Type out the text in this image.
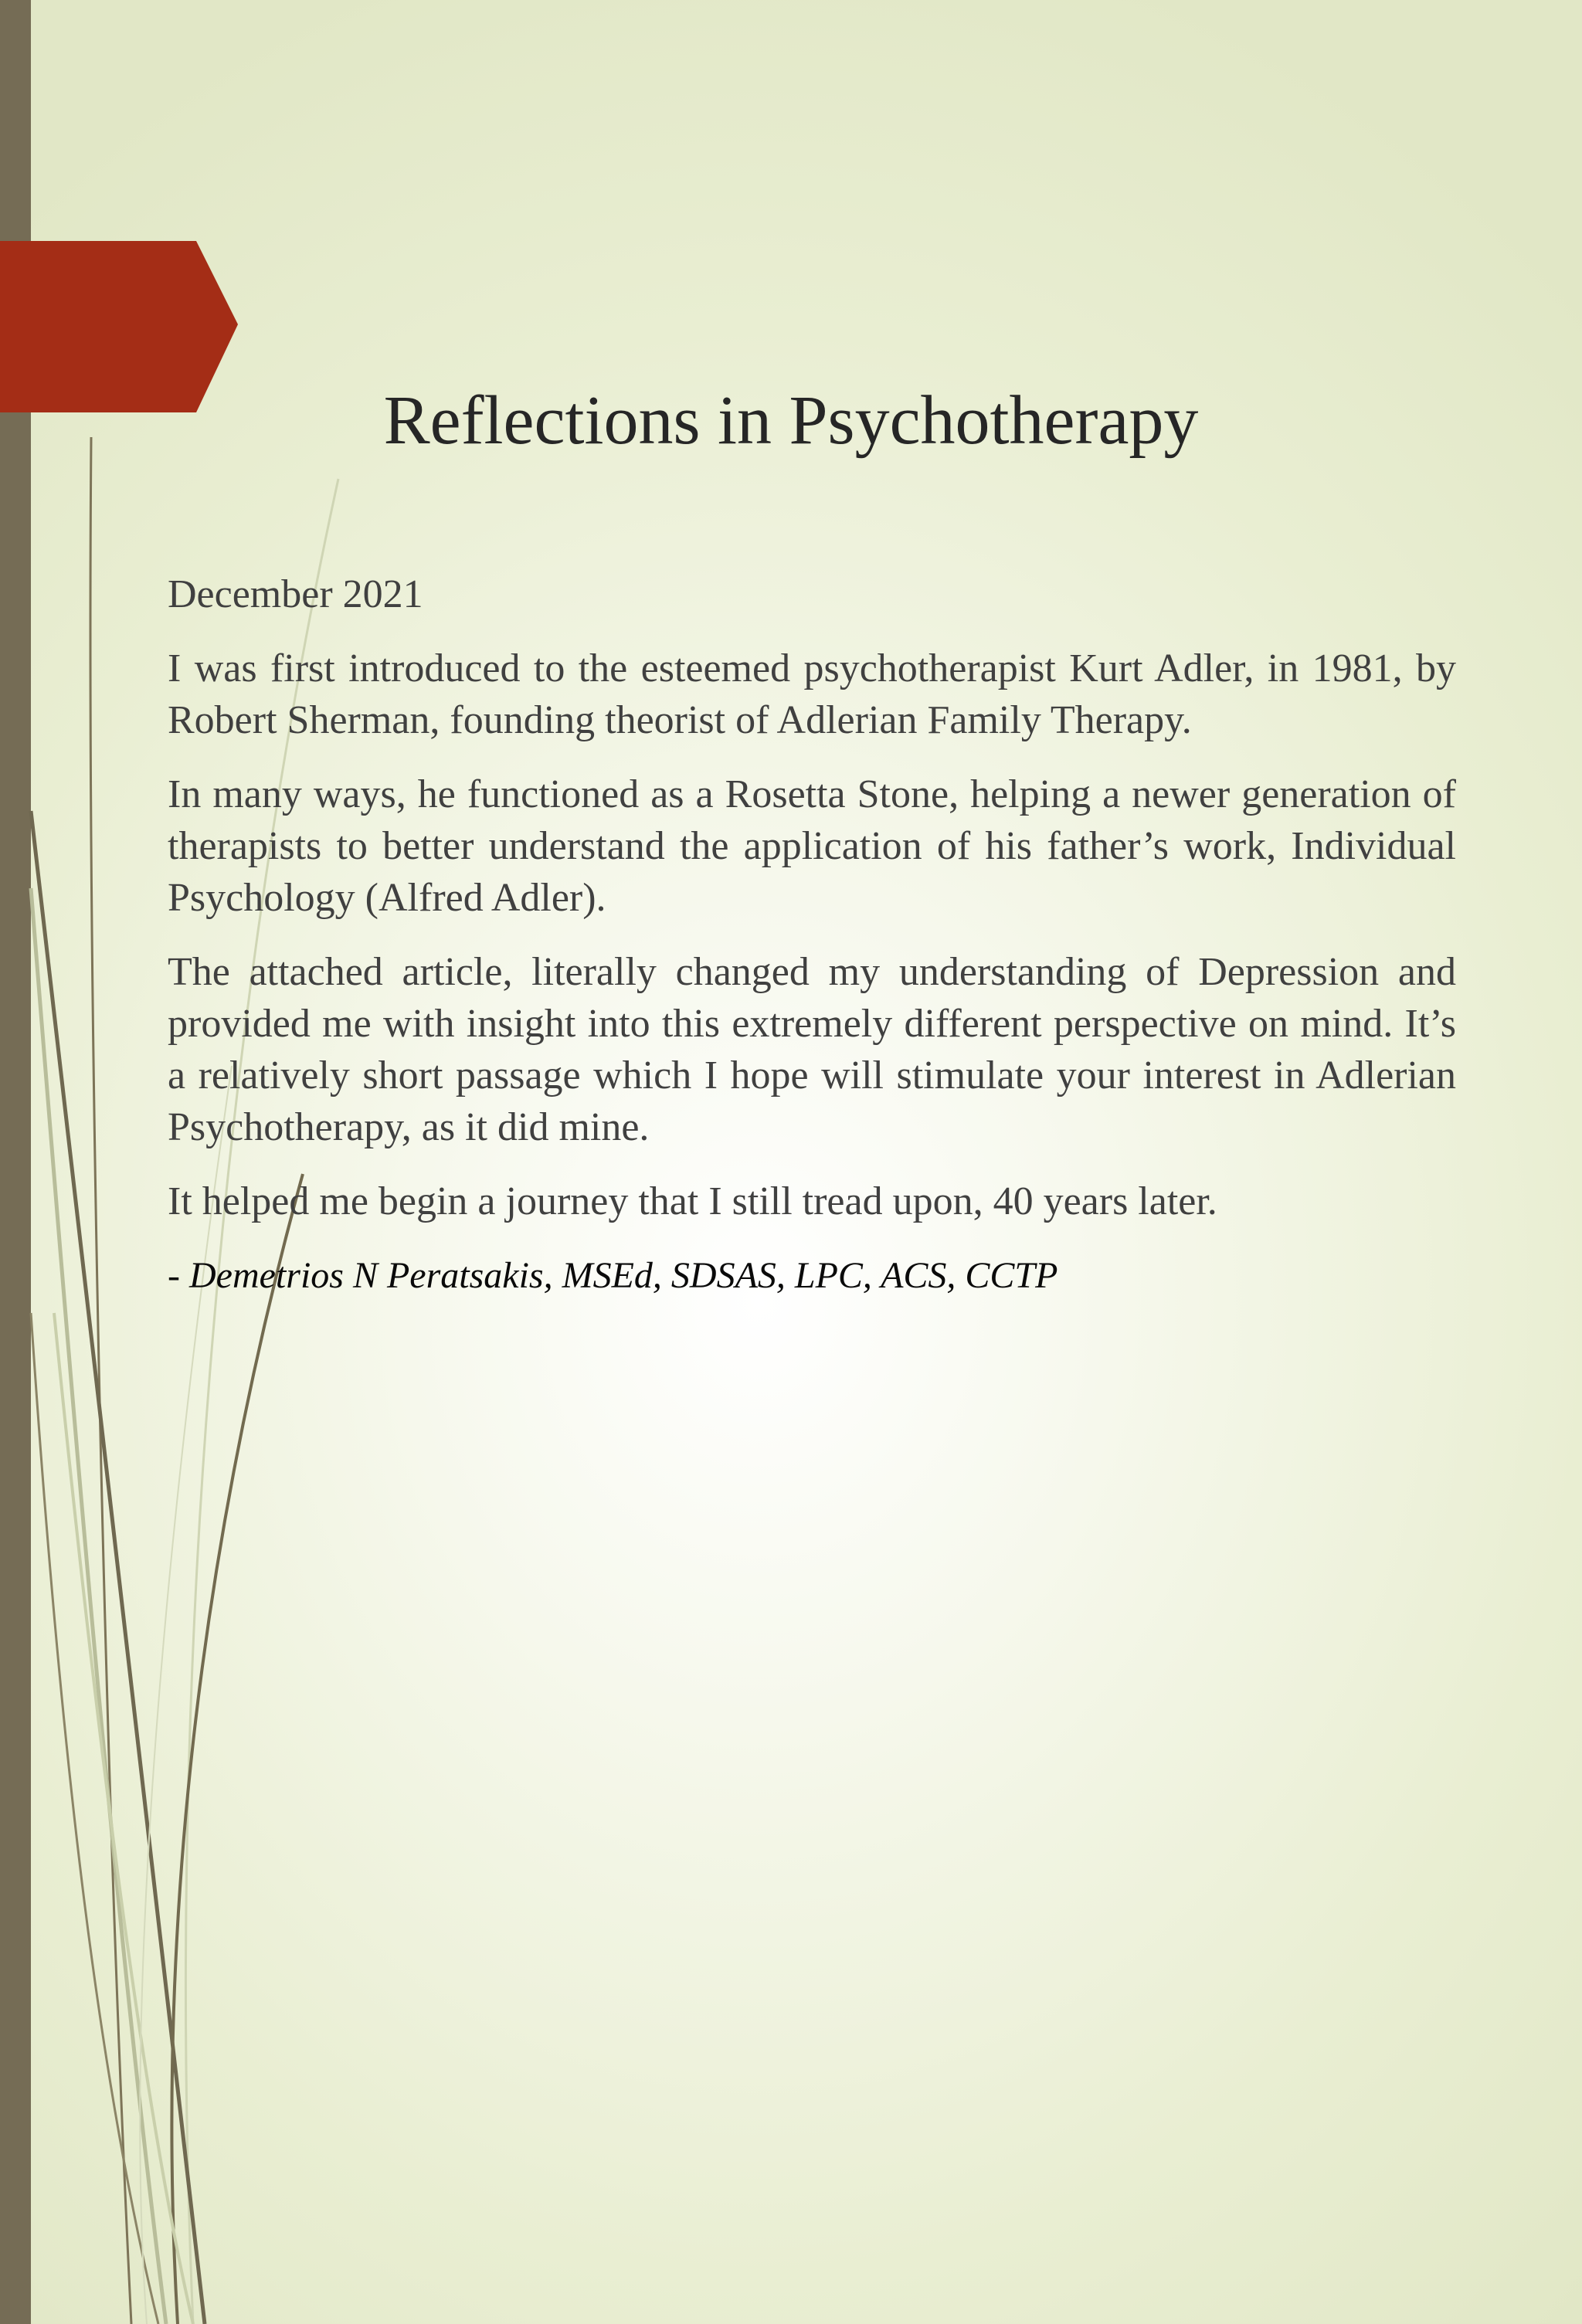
Reflections in Psychotherapy

December 2021

I was first introduced to the esteemed psychotherapist Kurt Adler, in 1981, by Robert Sherman, founding theorist of Adlerian Family Therapy.

In many ways, he functioned as a Rosetta Stone, helping a newer generation of therapists to better understand the application of his father’s work, Individual Psychology (Alfred Adler).

The attached article, literally changed my understanding of Depression and provided me with insight into this extremely different perspective on mind. It’s a relatively short passage which I hope will stimulate your interest in Adlerian Psychotherapy, as it did mine.

It helped me begin a journey that I still tread upon, 40 years later.

- Demetrios N Peratsakis, MSEd, SDSAS, LPC, ACS, CCTP
